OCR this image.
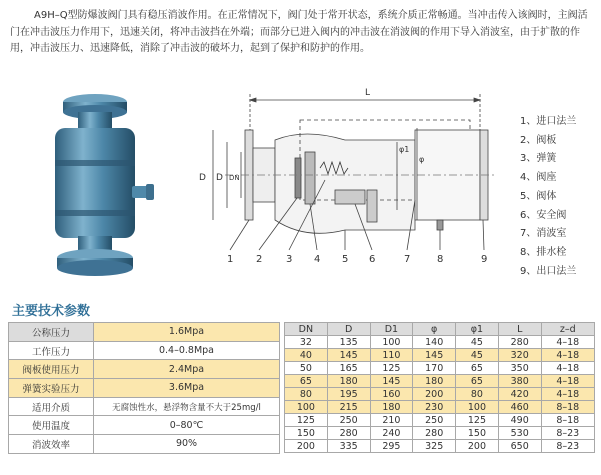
A9H–Q型防爆波阀门具有稳压消波作用。在正常情况下，阀门处于常开状态，系统介质正常畅通。当冲击传入该阀时，主阀活门在冲击波压力作用下，迅速关闭，将冲击波挡在外端；而部分已进入阀内的冲击波在消波阀的作用下导入消波室，由于扩散的作用，冲击波压力、迅速降低，消除了冲击波的破坏力，起到了保护和防护的作用。
L
D D DN
φ1
φ
1 2 3 4 5 6	7	8	9
1、进口法兰
2、阀板
3、弹簧
4、阀座
5、阀体
6、安全阀
7、消波室
8、排水栓
9、出口法兰
主要技术参数
公称压力	1.6Mpa
工作压力	0.4–0.8Mpa
阀板使用压力	2.4Mpa
弹簧实验压力	3.6Mpa
适用介质	无腐蚀性水，悬浮物含量不大于25mg/l
使用温度	0–80℃
消波效率	90%
DN	D	D1	φ	φ1	L	z–d
32	135	100	140	45	280	4–18
40	145	110	145	45	320	4–18
50	165	125	170	65	350	4–18
65	180	145	180	65	380	4–18
80	195	160	200	80	420	4–18
100	215	180	230	100	460	8–18
125	250	210	250	125	490	8–18
150	280	240	280	150	530	8–23
200	335	295	325	200	650	8–23
